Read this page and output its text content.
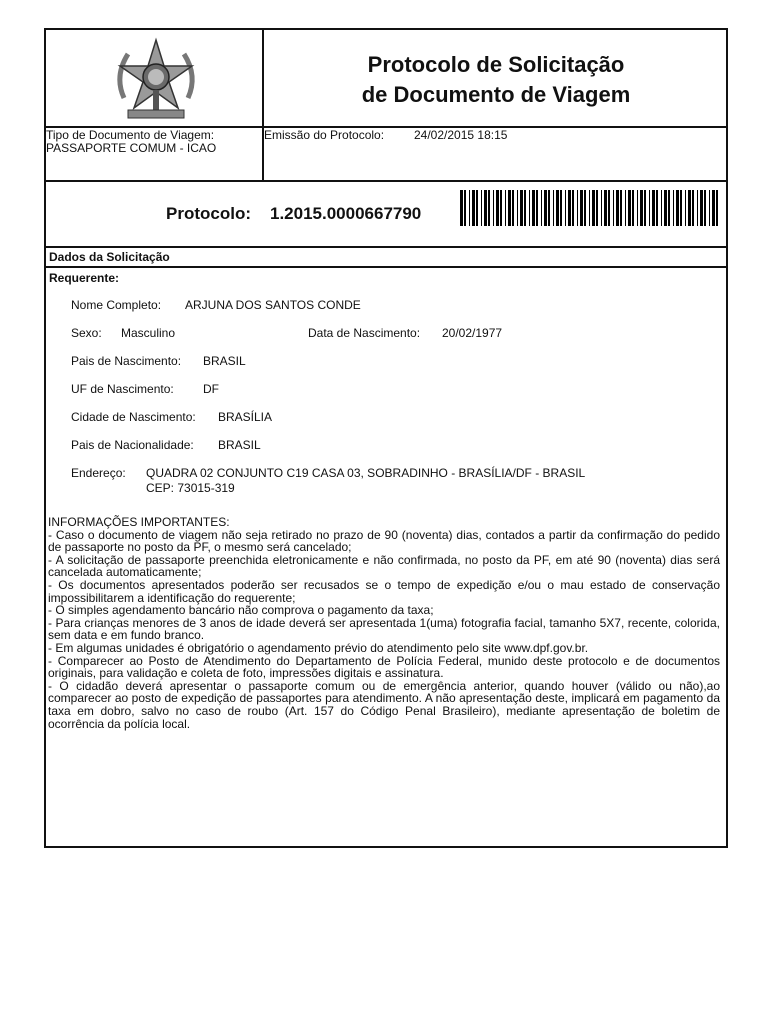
Protocolo de Solicitação
de Documento de Viagem
Tipo de Documento de Viagem:
PASSAPORTE COMUM - ICAO
Emissão do Protocolo: 24/02/2015 18:15
Protocolo: 1.2015.0000667790
Dados da Solicitação
Requerente:
Nome Completo: ARJUNA DOS SANTOS CONDE
Sexo: Masculino	Data de Nascimento: 20/02/1977
Pais de Nascimento: BRASIL
UF de Nascimento: DF
Cidade de Nascimento: BRASÍLIA
Pais de Nacionalidade: BRASIL
Endereço: QUADRA 02 CONJUNTO C19 CASA 03, SOBRADINHO - BRASÍLIA/DF - BRASIL
CEP: 73015-319

INFORMAÇÕES IMPORTANTES:

- Caso o documento de viagem não seja retirado no prazo de 90 (noventa) dias, contados a partir da confirmação do pedido de passaporte no posto da PF, o mesmo será cancelado;

- A solicitação de passaporte preenchida eletronicamente e não confirmada, no posto da PF, em até 90 (noventa) dias será cancelada automaticamente;

- Os documentos apresentados poderão ser recusados se o tempo de expedição e/ou o mau estado de conservação impossibilitarem a identificação do requerente;

- O simples agendamento bancário não comprova o pagamento da taxa;

- Para crianças menores de 3 anos de idade deverá ser apresentada 1(uma) fotografia facial, tamanho 5X7, recente, colorida, sem data e em fundo branco.

- Em algumas unidades é obrigatório o agendamento prévio do atendimento pelo site www.dpf.gov.br.

- Comparecer ao Posto de Atendimento do Departamento de Polícia Federal, munido deste protocolo e de documentos originais, para validação e coleta de foto, impressões digitais e assinatura.

- O cidadão deverá apresentar o passaporte comum ou de emergência anterior, quando houver (válido ou não),ao comparecer ao posto de expedição de passaportes para atendimento. A não apresentação deste, implicará em pagamento da taxa em dobro, salvo no caso de roubo (Art. 157 do Código Penal Brasileiro), mediante apresentação de boletim de ocorrência da polícia local.
